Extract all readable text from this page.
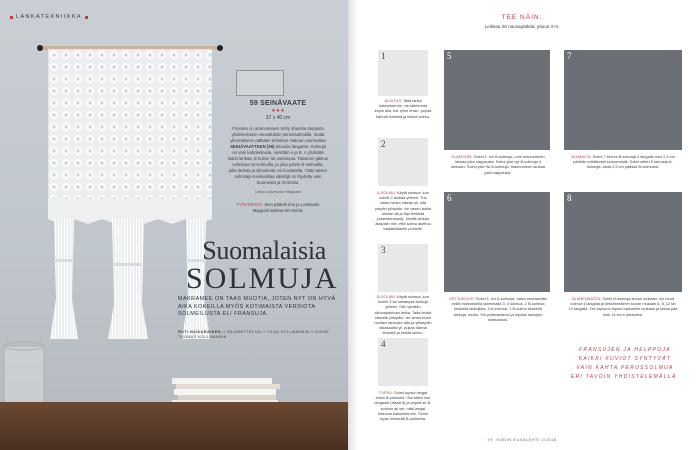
LANKATEKNIIKKA
59 SEINÄVAATE
★★★
37 x 40 cm
Franska on ammoinssen tehty ohuesta langasta yksinkertaisin neuvatuksin perustsolmuilla, mutta ylimmäiseen pätkään tehnikan makuun soinnuttaa SEINÄVAATTEEN (59) pituusia langasta. Solmuja on vain kahdenlaisia, nimittäin A ja B. A yhdistää kaksi lankaa, B kolme tai useampia. Tasainen jakkus solmituun B-solmuilla, ja joka päivin B-solmuilla, jolla lankaa ja silmukoita voi kuvastella. Tätä naisen solmitaja Kivimailitaa väistöjä on löydetty vain Suomesta ja Virolosta.
Lieka Liokmonin Mapparii
TYÖVINKKIÄ: Mun päävät ima ja Lankaoan Mapparii-lankaa 60 metriä.
Suomalaisia
SOLMUJA
MAKRAMEE ON TAAS MUOTIA, JOTEN NYT ON HYVÄ AIKA KOKEILLA MYÖS KOTIMAISTA VERSIOTA SOLMEILUSTA ELI FRANSUJA.
RUTI HAIKARAINEN // SUUNNITTELIJA // TUIJA KOLLMANNIN // KUVAT TUOMAS KOLLMANNIN
TEE NÄIN:
Leikkaa 28 nauvapätkää, pituus 3 m.
1
ALOITUS: Taita lanka kaksinkerroin, vie taitekohta kepin alla, tue ryhin ensin, pujota hännät lenkistä ja kiristä solmu.
2
A-SOLMU: Käytä solmua, kun solmit 2 lankaa yhteen. Tuo vasen lanka oikean yli, sitä ympäri ylöspäin, vie vasen lanka oikean alt ja läpi lenkistä (vastakierössä). Kiristä lankaa alaspäin niin, että solmu asettuu vastakkaiselle puolelle.
3
B-SOLMU: Käytä solmua, kun solmit 3 tai useampia lankoja yhteen. Ota nyhrään alkuvapautosa lanka. Taita lenkki oikealle ylöspäin, vie lanka ensin muiden lankojen alta ja ylitsepäin takakautta yli, pujota hännä lenkistä ja kiristä solmu.
4
TUPSU: Solmi tupsut langat ensin B-solmulla. Ota sitten nsu langasta (tässä 8) ja pujota se B-solmun ali ole, niitä langat tuttuvan kaksinkerroin. Solmi tupsu keskeltä B-solmuilla.
5
ELÄKEVÄÄ: Solmi 1. rivi B-solmuja, noin mannumeen lankaa joka nappauksi. Solmi yksi nyt B-solmuja 4 lankaan. Solmi yksi rivi A-solmuja, mannumeen lankaa joka nappauksi.
7
ALHAALTA: Solmi 7 kerros B-solmuja 4 langalla noin 2,5 cm päähän edellisestä solmurivistä. Solmi sitten 5 kerrosta A-solmuja, alota 2,5 cm päässä B-solmusta.
6
KETJUKUVIO: Solmi 1. rivi A-solmuja. Jatka seuraavalla rivillä mainoksella solmimalla 3, 4 solmua, 2 B-solmua keskellä lankojista, 3 A-solmua, 1 B-solmu keskellä lankoja, mutta. Ylä pellavanauva ja lopuksi lankojen solmutaulu.
8
ALAREUNASTA: Solmi B-solmuja kuvan mukaan, nin muut solmut 4 langalla ja keskimmäinen kuvan mukaan 6, 8, 12 tai 14 langalla. Tee tupsuun tupsut tupsutelin mukaan ja tasaa pää noin 14 cm:n pituiseksi.
FRANSUJEN JA HELPPOJA KAIKKI KUVIOT SYNTYVÄT VAIN KAHTA PERUSSOLMUA ERI TAVOIN YHDISTELEMÄLLÄ.
79 KODIN KUVALEHTI 2/2018
